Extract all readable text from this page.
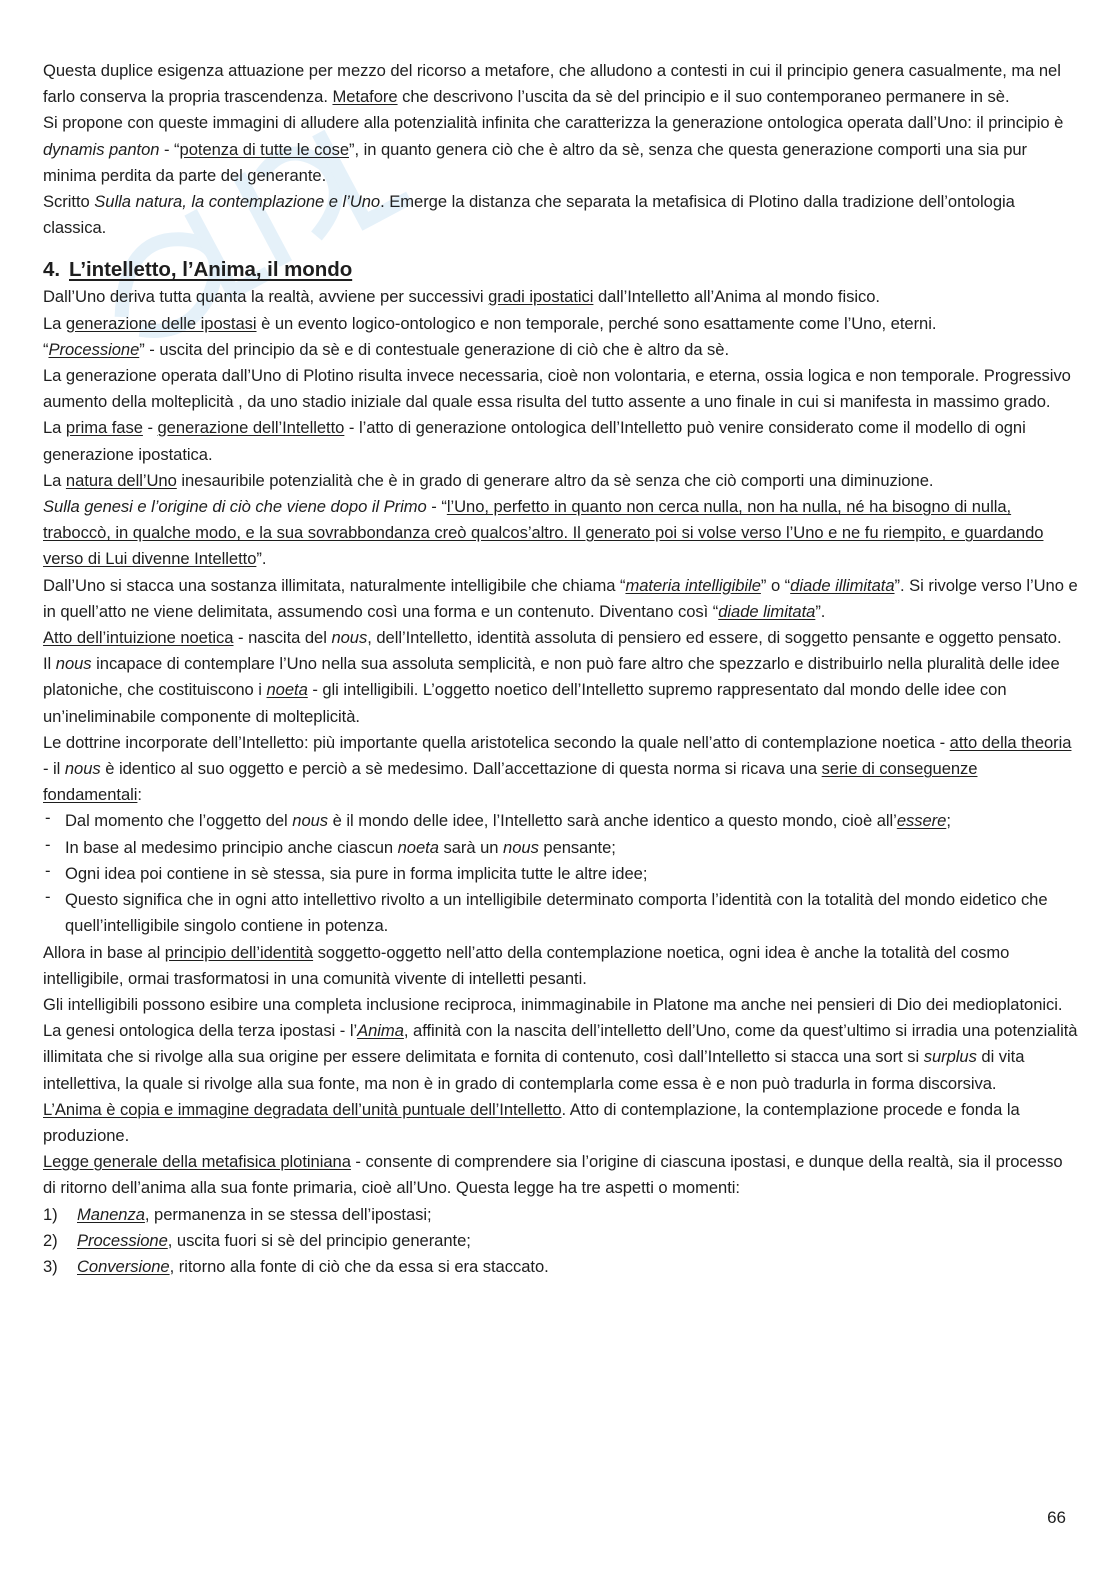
Questa duplice esigenza attuazione per mezzo del ricorso a metafore, che alludono a contesti in cui il principio genera casualmente, ma nel farlo conserva la propria trascendenza. Metafore che descrivono l’uscita da sè del principio e il suo contemporaneo permanere in sè.

Si propone con queste immagini di alludere alla potenzialità infinita che caratterizza la generazione ontologica operata dall’Uno: il principio è dynamis panton - “potenza di tutte le cose”, in quanto genera ciò che è altro da sè, senza che questa generazione comporti una sia pur minima perdita da parte del generante.

Scritto Sulla natura, la contemplazione e l’Uno. Emerge la distanza che separata la metafisica di Plotino dalla tradizione dell’ontologia classica.

4. L’intelletto, l’Anima, il mondo

Dall’Uno deriva tutta quanta la realtà, avviene per successivi gradi ipostatici dall’Intelletto all’Anima al mondo fisico.

La generazione delle ipostasi è un evento logico-ontologico e non temporale, perché sono esattamente come l’Uno, eterni.

“Processione” - uscita del principio da sè e di contestuale generazione di ciò che è altro da sè.

La generazione operata dall’Uno di Plotino risulta invece necessaria, cioè non volontaria, e eterna, ossia logica e non temporale. Progressivo aumento della molteplicità , da uno stadio iniziale dal quale essa risulta del tutto assente a uno finale in cui si manifesta in massimo grado.

La prima fase - generazione dell’Intelletto - l’atto di generazione ontologica dell’Intelletto può venire considerato come il modello di ogni generazione ipostatica.

La natura dell’Uno inesauribile potenzialità che è in grado di generare altro da sè senza che ciò comporti una diminuzione.

Sulla genesi e l’origine di ciò che viene dopo il Primo - “l’Uno, perfetto in quanto non cerca nulla, non ha nulla, né ha bisogno di nulla, traboccò, in qualche modo, e la sua sovrabbondanza creò qualcos’altro. Il generato poi si volse verso l’Uno e ne fu riempito, e guardando verso di Lui divenne Intelletto”.

Dall’Uno si stacca una sostanza illimitata, naturalmente intelligibile che chiama “materia intelligibile” o “diade illimitata”. Si rivolge verso l’Uno e in quell’atto ne viene delimitata, assumendo così una forma e un contenuto. Diventano così “diade limitata”.

Atto dell’intuizione noetica - nascita del nous, dell’Intelletto, identità assoluta di pensiero ed essere, di soggetto pensante e oggetto pensato.

Il nous incapace di contemplare l’Uno nella sua assoluta semplicità, e non può fare altro che spezzarlo e distribuirlo nella pluralità delle idee platoniche, che costituiscono i noeta - gli intelligibili. L’oggetto noetico dell’Intelletto supremo rappresentato dal mondo delle idee con un’ineliminabile componente di molteplicità.

Le dottrine incorporate dell’Intelletto: più importante quella aristotelica secondo la quale nell’atto di contemplazione noetica - atto della theoria - il nous è identico al suo oggetto e perciò a sè medesimo. Dall’accettazione di questa norma si ricava una serie di conseguenze fondamentali:

- Dal momento che l’oggetto del nous è il mondo delle idee, l’Intelletto sarà anche identico a questo mondo, cioè all’essere;
- In base al medesimo principio anche ciascun noeta sarà un nous pensante;
- Ogni idea poi contiene in sè stessa, sia pure in forma implicita tutte le altre idee;
- Questo significa che in ogni atto intellettivo rivolto a un intelligibile determinato comporta l’identità con la totalità del mondo eidetico che quell’intelligibile singolo contiene in potenza.

Allora in base al principio dell’identità soggetto-oggetto nell’atto della contemplazione noetica, ogni idea è anche la totalità del cosmo intelligibile, ormai trasformatosi in una comunità vivente di intelletti pesanti.

Gli intelligibili possono esibire una completa inclusione reciproca, inimmaginabile in Platone ma anche nei pensieri di Dio dei medioplatonici.

La genesi ontologica della terza ipostasi - l’Anima, affinità con la nascita dell’intelletto dell’Uno, come da quest’ultimo si irradia una potenzialità illimitata che si rivolge alla sua origine per essere delimitata e fornita di contenuto, così dall’Intelletto si stacca una sort si surplus di vita intellettiva, la quale si rivolge alla sua fonte, ma non è in grado di contemplarla come essa è e non può tradurla in forma discorsiva.

L’Anima è copia e immagine degradata dell’unità puntuale dell’Intelletto. Atto di contemplazione, la contemplazione procede e fonda la produzione.

Legge generale della metafisica plotiniana - consente di comprendere sia l’origine di ciascuna ipostasi, e dunque della realtà, sia il processo di ritorno dell’anima alla sua fonte primaria, cioè all’Uno. Questa legge ha tre aspetti o momenti:

1)	Manenza, permanenza in se stessa dell’ipostasi;
2)	Processione, uscita fuori si sè del principio generante;
3)	Conversione, ritorno alla fonte di ciò che da essa si era staccato.
66
